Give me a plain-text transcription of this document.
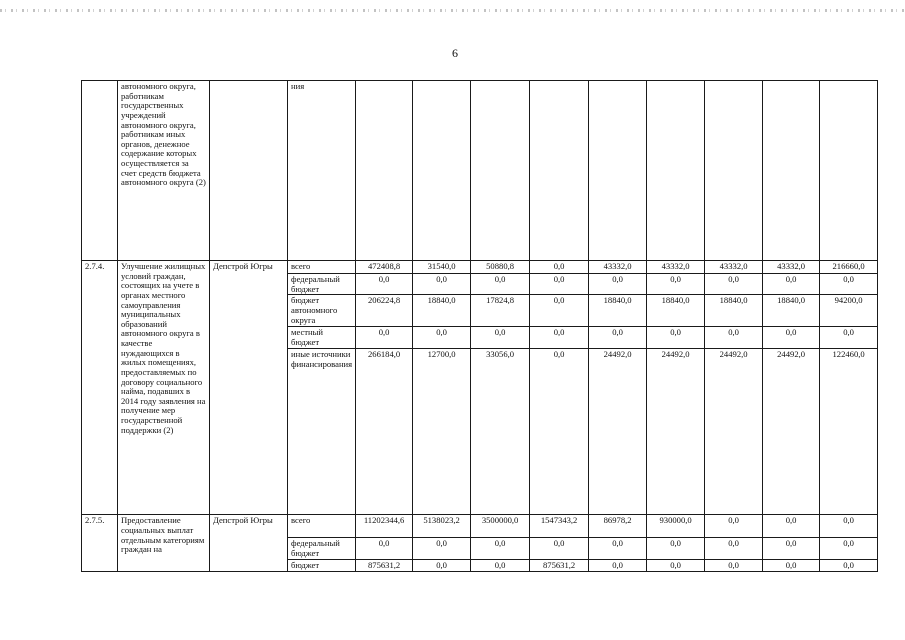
6
	автономного округа, работникам государственных учреждений автономного округа, работникам иных органов, денежное содержание которых осуществляется за счет средств бюджета автономного округа (2)		ния									
2.7.4.	Улучшение жилищных условий граждан, состоящих на учете в органах местного самоуправления муниципальных образований автономного округа в качестве нуждающихся в жилых помещениях, предоставляемых по договору социального найма, подавших в 2014 году заявления на получение мер государственной поддержки (2)	Депстрой Югры	всего	472408,8	31540,0	50880,8	0,0	43332,0	43332,0	43332,0	43332,0	216660,0
			федеральный бюджет	0,0	0,0	0,0	0,0	0,0	0,0	0,0	0,0	0,0
			бюджет автономного округа	206224,8	18840,0	17824,8	0,0	18840,0	18840,0	18840,0	18840,0	94200,0
			местный бюджет	0,0	0,0	0,0	0,0	0,0	0,0	0,0	0,0	0,0
			иные источники финансирования	266184,0	12700,0	33056,0	0,0	24492,0	24492,0	24492,0	24492,0	122460,0
2.7.5.	Предоставление социальных выплат отдельным категориям граждан на	Депстрой Югры	всего	11202344,6	5138023,2	3500000,0	1547343,2	86978,2	930000,0	0,0	0,0	0,0
			федеральный бюджет	0,0	0,0	0,0	0,0	0,0	0,0	0,0	0,0	0,0
			бюджет	875631,2	0,0	0,0	875631,2	0,0	0,0	0,0	0,0	0,0
